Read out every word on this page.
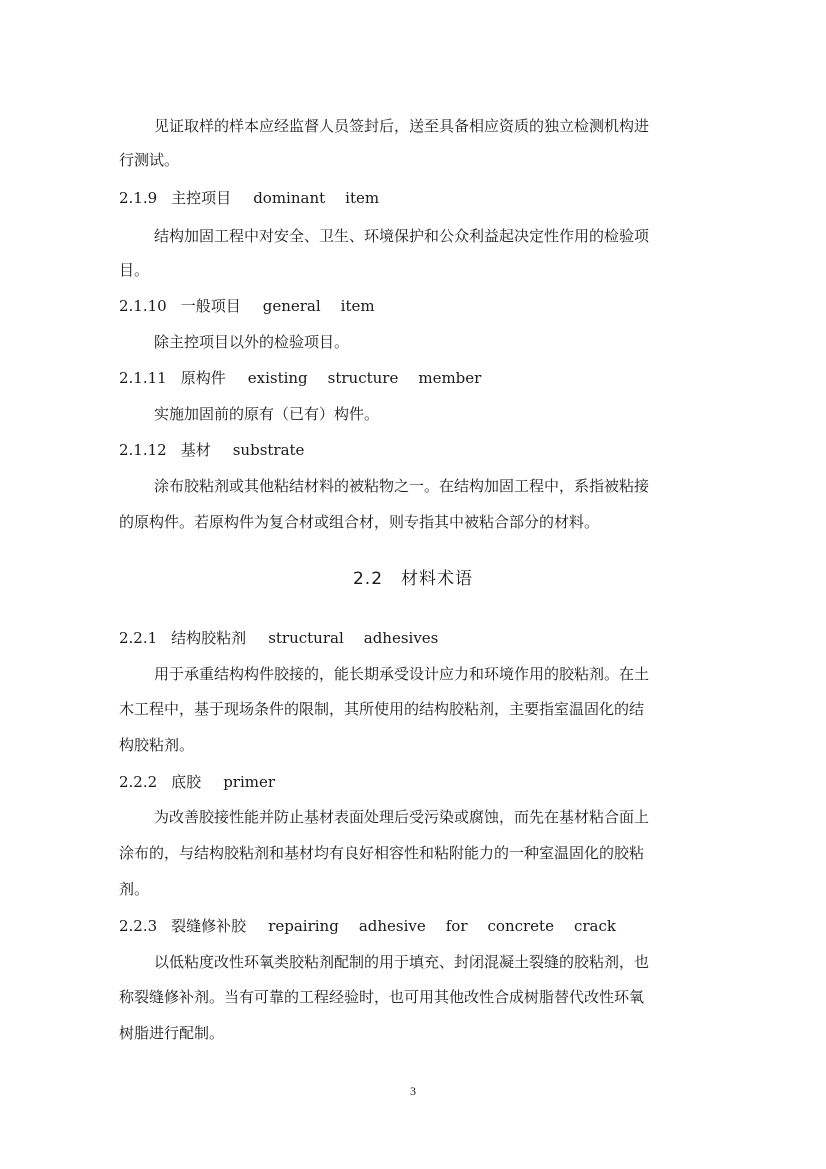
见证取样的样本应经监督人员签封后，送至具备相应资质的独立检测机构进
行测试。
2.1.9 主控项目 dominant item
结构加固工程中对安全、卫生、环境保护和公众利益起决定性作用的检验项
目。
2.1.10 一般项目 general item
除主控项目以外的检验项目。
2.1.11 原构件 existing structure member
实施加固前的原有（已有）构件。
2.1.12 基材 substrate
涂布胶粘剂或其他粘结材料的被粘物之一。在结构加固工程中，系指被粘接
的原构件。若原构件为复合材或组合材，则专指其中被粘合部分的材料。
2.2 材料术语
2.2.1 结构胶粘剂 structural adhesives
用于承重结构构件胶接的，能长期承受设计应力和环境作用的胶粘剂。在土
木工程中，基于现场条件的限制，其所使用的结构胶粘剂，主要指室温固化的结
构胶粘剂。
2.2.2 底胶 primer
为改善胶接性能并防止基材表面处理后受污染或腐蚀，而先在基材粘合面上
涂布的，与结构胶粘剂和基材均有良好相容性和粘附能力的一种室温固化的胶粘
剂。
2.2.3 裂缝修补胶 repairing adhesive for concrete crack
以低粘度改性环氧类胶粘剂配制的用于填充、封闭混凝土裂缝的胶粘剂，也
称裂缝修补剂。当有可靠的工程经验时，也可用其他改性合成树脂替代改性环氧
树脂进行配制。
3
